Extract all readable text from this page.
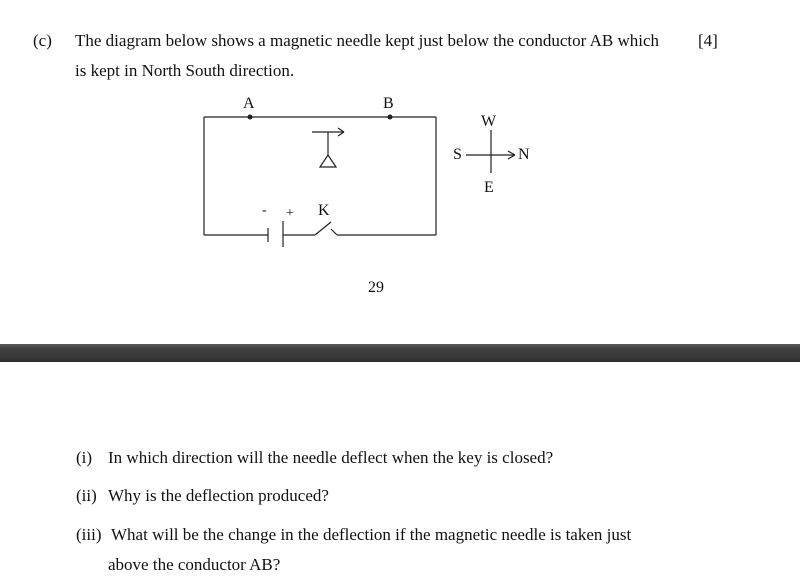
(c) The diagram below shows a magnetic needle kept just below the conductor AB which
is kept in North South direction.
[4]
A	B
- + K
W
S	N
E
29
(i) In which direction will the needle deflect when the key is closed?
(ii) Why is the deflection produced?
(iii) What will be the change in the deflection if the magnetic needle is taken just
above the conductor AB?
